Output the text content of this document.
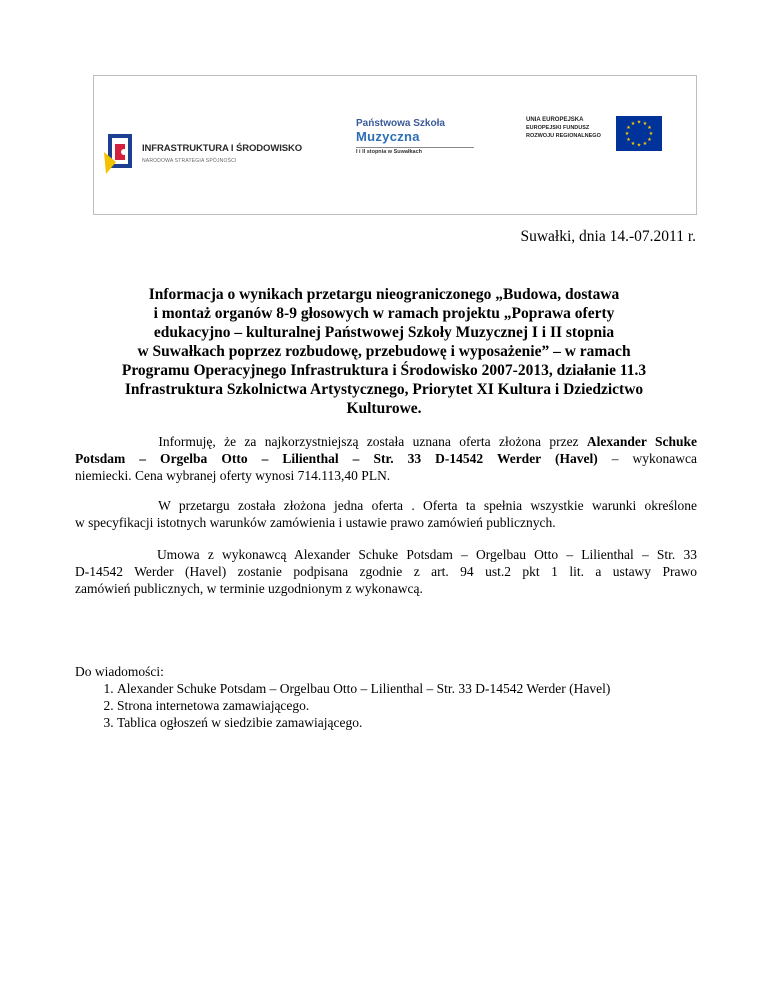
INFRASTRUKTURA I ŚRODOWISKO
NARODOWA STRATEGIA SPÓJNOŚCI
Państwowa Szkoła
Muzyczna
I i II stopnia w Suwałkach
UNIA EUROPEJSKA
EUROPEJSKI FUNDUSZ
ROZWOJU REGIONALNEGO
★ ★
★
★
★
★
★
★
★
★
★
★
Suwałki, dnia 14.-07.2011 r.
Informacja o wynikach przetargu nieograniczonego „Budowa, dostawa
i montaż organów 8-9 głosowych w ramach projektu „Poprawa oferty
edukacyjno – kulturalnej Państwowej Szkoły Muzycznej I i II stopnia
w Suwałkach poprzez rozbudowę, przebudowę i wyposażenie” – w ramach
Programu Operacyjnego Infrastruktura i Środowisko 2007-2013, działanie 11.3
Infrastruktura Szkolnictwa Artystycznego, Priorytet XI Kultura i Dziedzictwo
Kulturowe.
Informuję, że za najkorzystniejszą została uznana oferta złożona przez Alexander Schuke
Potsdam – Orgelba Otto – Lilienthal – Str. 33 D-14542 Werder (Havel) – wykonawca
niemiecki. Cena wybranej oferty wynosi 714.113,40 PLN.
W przetargu została złożona jedna oferta . Oferta ta spełnia wszystkie warunki określone
w specyfikacji istotnych warunków zamówienia i ustawie prawo zamówień publicznych.
Umowa z wykonawcą Alexander Schuke Potsdam – Orgelbau Otto – Lilienthal – Str. 33
D-14542 Werder (Havel) zostanie podpisana zgodnie z art. 94 ust.2 pkt 1 lit. a ustawy Prawo
zamówień publicznych, w terminie uzgodnionym z wykonawcą.
Do wiadomości:
1. Alexander Schuke Potsdam – Orgelbau Otto – Lilienthal – Str. 33 D-14542 Werder (Havel)
2. Strona internetowa zamawiającego.
3. Tablica ogłoszeń w siedzibie zamawiającego.
